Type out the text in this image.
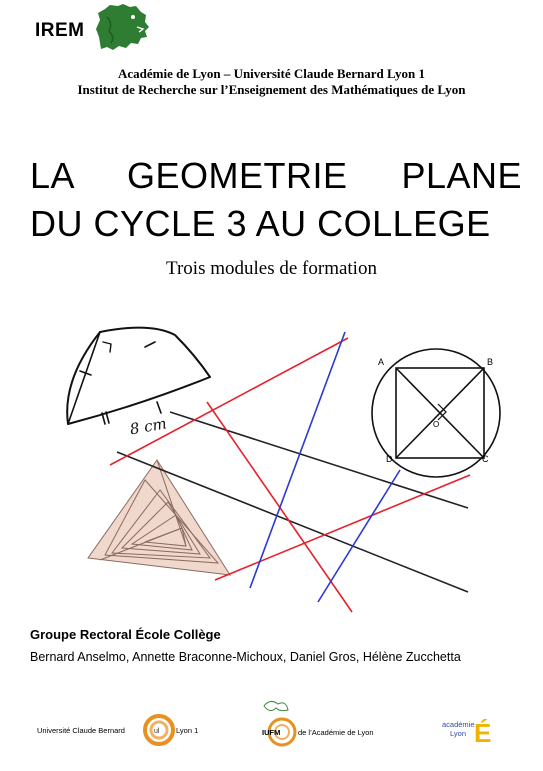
IREM
Académie de Lyon – Université Claude Bernard Lyon 1
Institut de Recherche sur l’Enseignement des Mathématiques de Lyon
LA GEOMETRIE PLANE
DU CYCLE 3 AU COLLEGE
Trois modules de formation
8 cm
A	B
C
D
O
Groupe Rectoral École Collège
Bernard Anselmo, Annette Braconne-Michoux, Daniel Gros, Hélène Zucchetta
Université Claude Bernard	ul Lyon 1	IUFM de l’Académie de Lyon
académie
Lyon É
